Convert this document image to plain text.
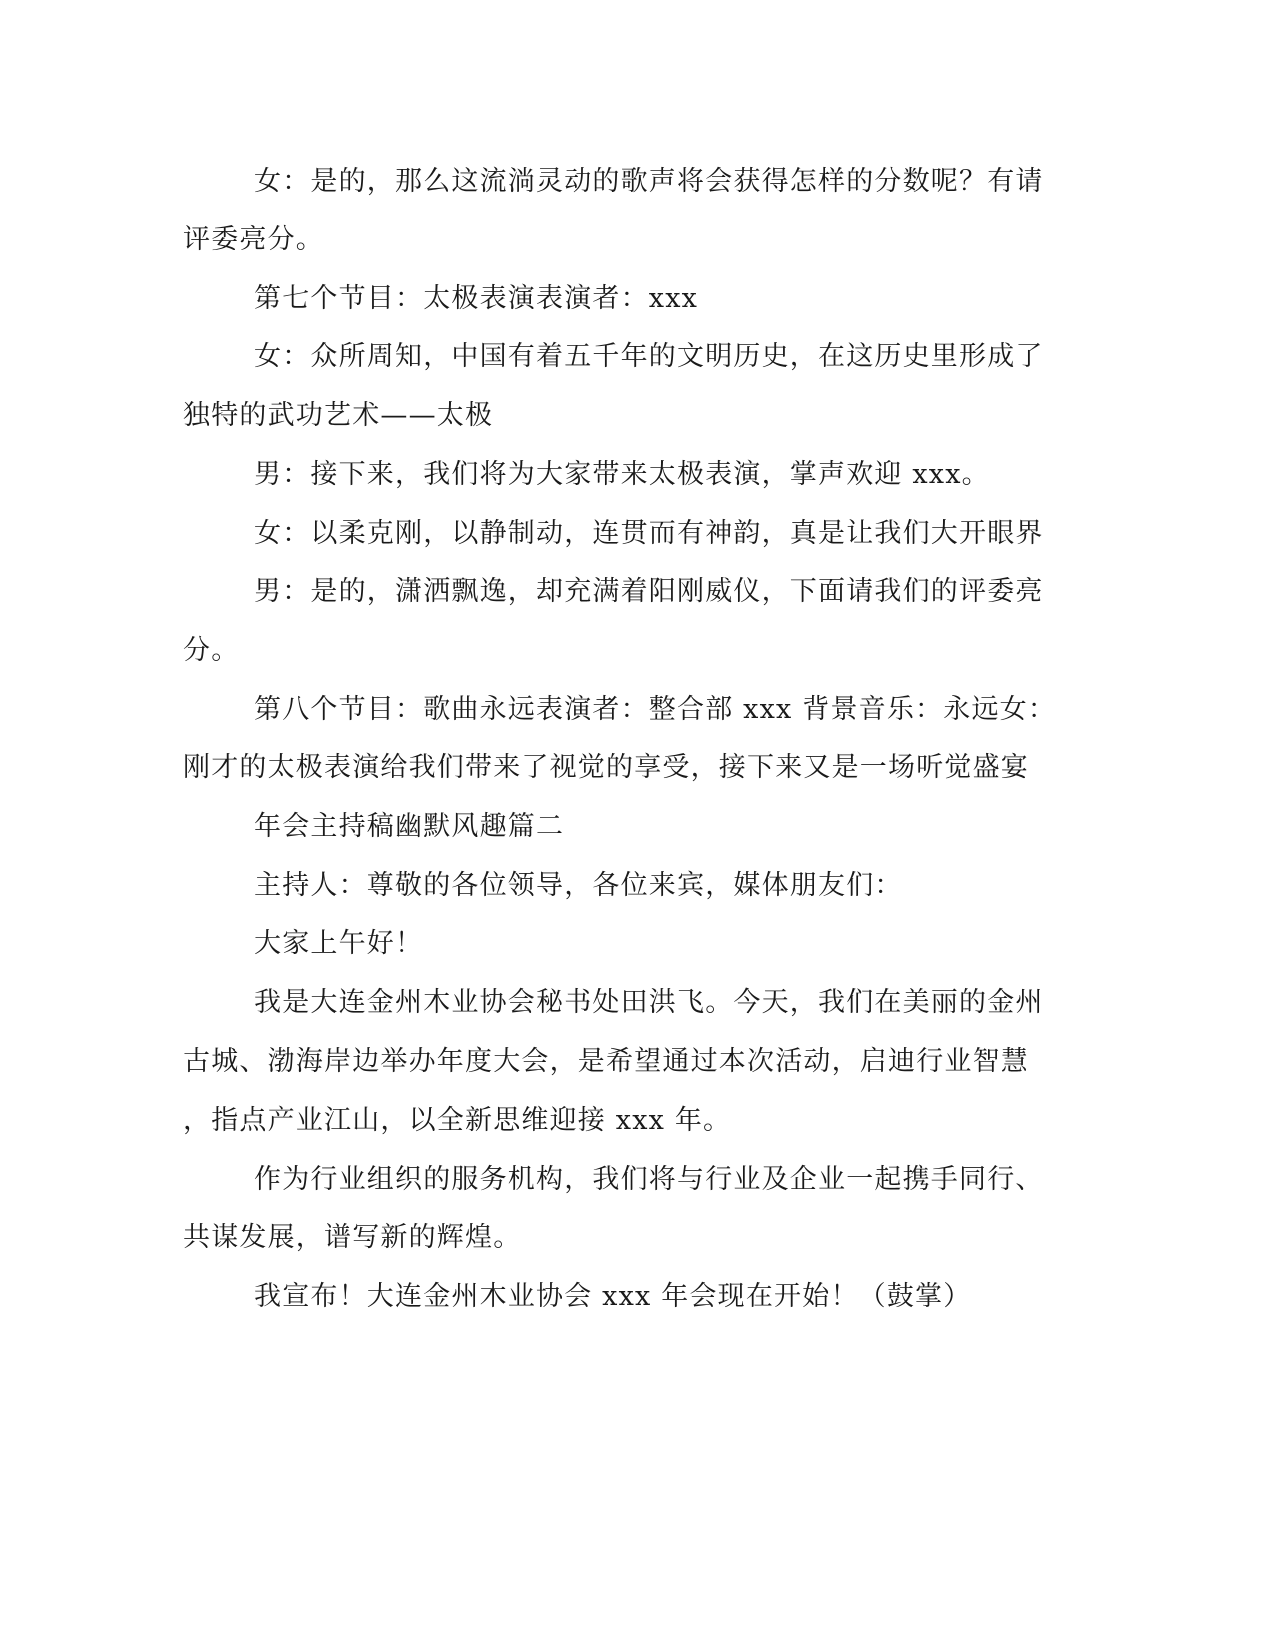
女：是的，那么这流淌灵动的歌声将会获得怎样的分数呢？有请
评委亮分。
第七个节目：太极表演表演者：xxx
女：众所周知，中国有着五千年的文明历史，在这历史里形成了
独特的武功艺术——太极
男：接下来，我们将为大家带来太极表演，掌声欢迎 xxx。
女：以柔克刚，以静制动，连贯而有神韵，真是让我们大开眼界
男：是的，潇洒飘逸，却充满着阳刚威仪，下面请我们的评委亮
分。
第八个节目：歌曲永远表演者：整合部 xxx 背景音乐：永远女：
刚才的太极表演给我们带来了视觉的享受，接下来又是一场听觉盛宴
年会主持稿幽默风趣篇二
主持人：尊敬的各位领导，各位来宾，媒体朋友们：
大家上午好！
我是大连金州木业协会秘书处田洪飞。今天，我们在美丽的金州
古城、渤海岸边举办年度大会，是希望通过本次活动，启迪行业智慧
，指点产业江山，以全新思维迎接 xxx 年。
作为行业组织的服务机构，我们将与行业及企业一起携手同行、
共谋发展，谱写新的辉煌。
我宣布！大连金州木业协会 xxx 年会现在开始！（鼓掌）
